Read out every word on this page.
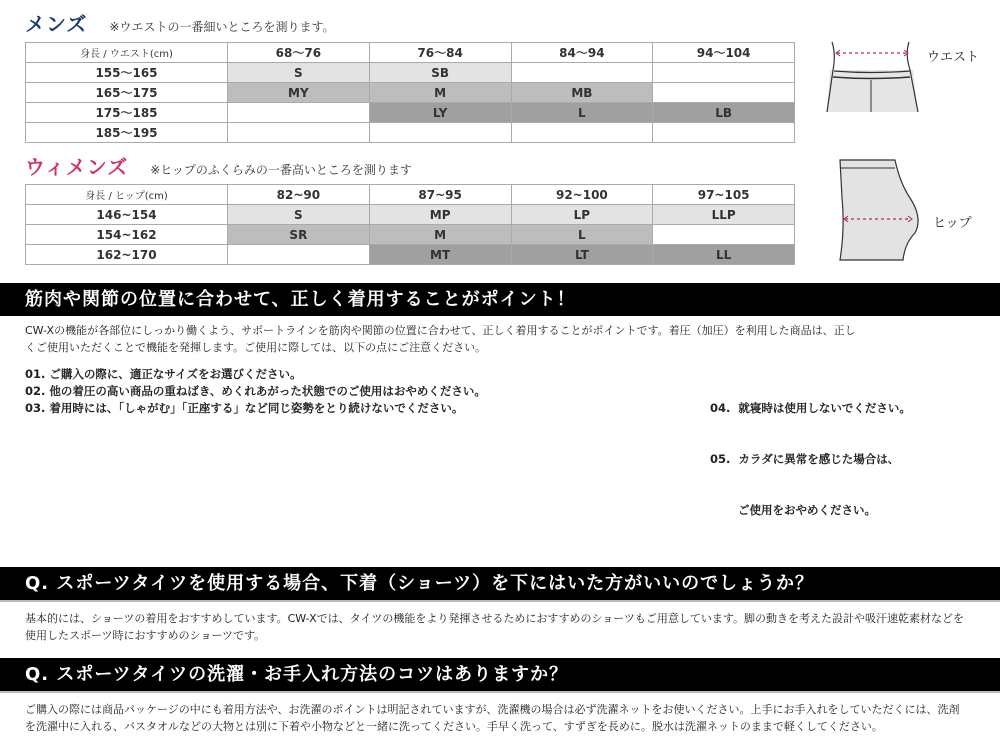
メンズ ※ウエストの一番細いところを測ります。
身長 / ウエスト(cm)	68〜76	76〜84	84〜94	94〜104
155〜165	S	SB		
165〜175	MY	M	MB	
175〜185		LY	L	LB
185〜195				
ウィメンズ ※ヒップのふくらみの一番高いところを測ります
身長 / ヒップ(cm)	82~90	87~95	92~100	97~105
146~154	S	MP	LP	LLP
154~162	SR	M	L	
162~170		MT	LT	LL
ウエスト
ヒップ
筋肉や関節の位置に合わせて、正しく着用することがポイント！
CW-Xの機能が各部位にしっかり働くよう、サポートラインを筋肉や関節の位置に合わせて、正しく着用することがポイントです。着圧（加圧）を利用した商品は、正し
くご使用いただくことで機能を発揮します。ご使用に際しては、以下の点にご注意ください。
01. ご購入の際に、適正なサイズをお選びください。
02. 他の着圧の高い商品の重ねばき、めくれあがった状態でのご使用はおやめください。
03. 着用時には、「しゃがむ」「正座する」など同じ姿勢をとり続けないでください。

	04.  就寝時は使用しないでください。

05.  カラダに異常を感じた場合は、

ご使用をおやめください。

Q. スポーツタイツを使用する場合、下着（ショーツ）を下にはいた方がいいのでしょうか？
基本的には、ショーツの着用をおすすめしています。CW-Xでは、タイツの機能をより発揮させるためにおすすめのショーツもご用意しています。脚の動きを考えた設計や吸汗速乾素材などを
使用したスポーツ時におすすめのショーツです。
Q. スポーツタイツの洗濯・お手入れ方法のコツはありますか？
ご購入の際には商品パッケージの中にも着用方法や、お洗濯のポイントは明記されていますが、洗濯機の場合は必ず洗濯ネットをお使いください。上手にお手入れをしていただくには、洗剤
を洗濯中に入れる、バスタオルなどの大物とは別に下着や小物などと一緒に洗ってください。手早く洗って、すずぎを長めに。脱水は洗濯ネットのままで軽くしてください。
